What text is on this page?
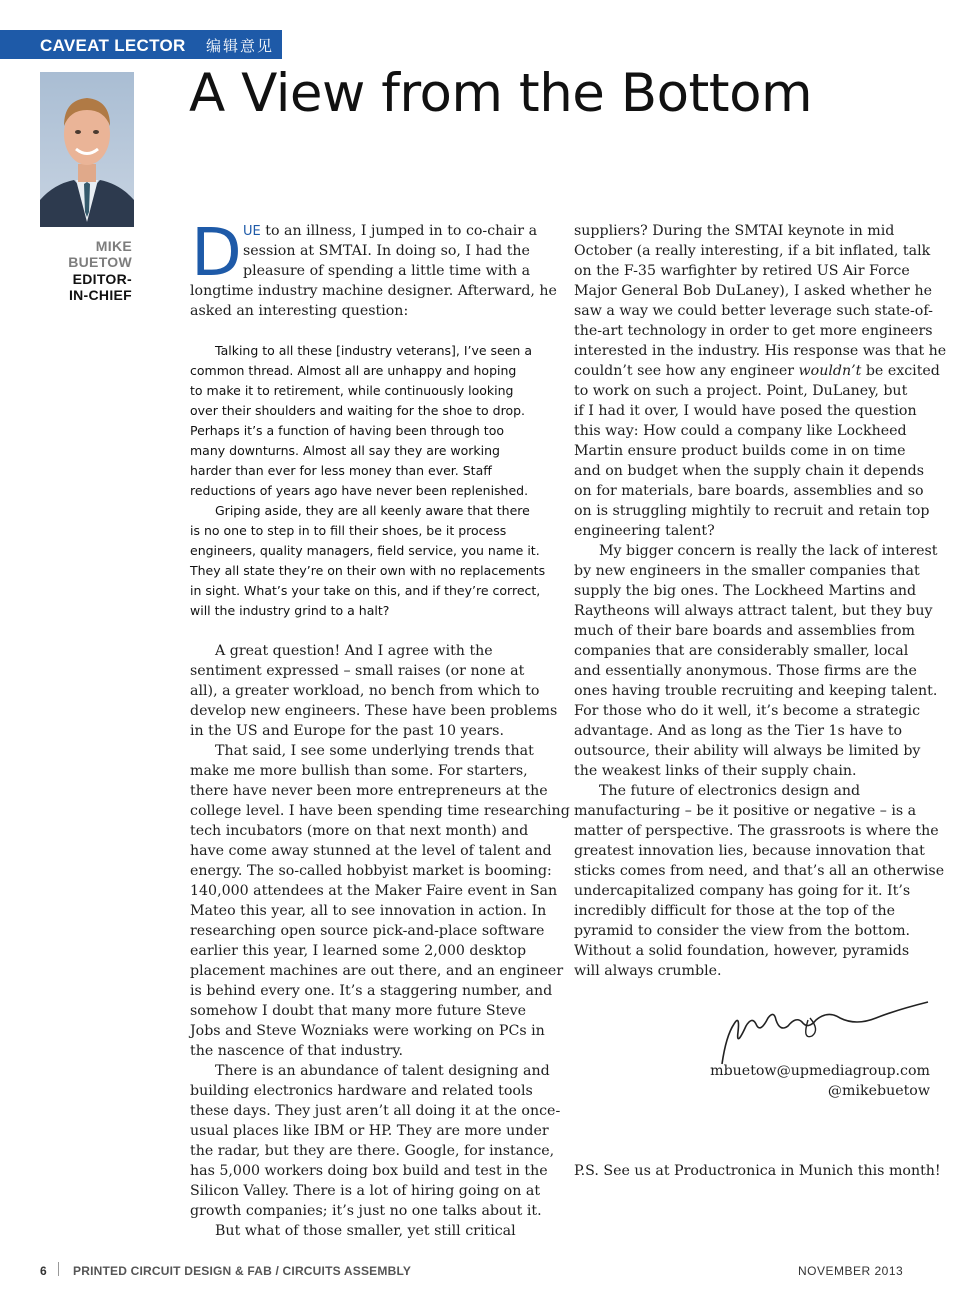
CAVEAT LECTOR 编辑意见
A View from the Bottom
MIKE
BUETOW
EDITOR-
IN-CHIEF
D UE to an illness, I jumped in to co-chair a
session at SMTAI. In doing so, I had the
pleasure of spending a little time with a
longtime industry machine designer. Afterward, he
asked an interesting question:
Talking to all these [industry veterans], I’ve seen a
common thread. Almost all are unhappy and hoping
to make it to retirement, while continuously looking
over their shoulders and waiting for the shoe to drop.
Perhaps it’s a function of having been through too
many downturns. Almost all say they are working
harder than ever for less money than ever. Staff
reductions of years ago have never been replenished.
Griping aside, they are all keenly aware that there
is no one to step in to fill their shoes, be it process
engineers, quality managers, field service, you name it.
They all state they’re on their own with no replacements
in sight. What’s your take on this, and if they’re correct,
will the industry grind to a halt?
A great question! And I agree with the
sentiment expressed – small raises (or none at
all), a greater workload, no bench from which to
develop new engineers. These have been problems
in the US and Europe for the past 10 years.
That said, I see some underlying trends that
make me more bullish than some. For starters,
there have never been more entrepreneurs at the
college level. I have been spending time researching
tech incubators (more on that next month) and
have come away stunned at the level of talent and
energy. The so-called hobbyist market is booming:
140,000 attendees at the Maker Faire event in San
Mateo this year, all to see innovation in action. In
researching open source pick-and-place software
earlier this year, I learned some 2,000 desktop
placement machines are out there, and an engineer
is behind every one. It’s a staggering number, and
somehow I doubt that many more future Steve
Jobs and Steve Wozniaks were working on PCs in
the nascence of that industry.
There is an abundance of talent designing and
building electronics hardware and related tools
these days. They just aren’t all doing it at the once-
usual places like IBM or HP. They are more under
the radar, but they are there. Google, for instance,
has 5,000 workers doing box build and test in the
Silicon Valley. There is a lot of hiring going on at
growth companies; it’s just no one talks about it.
But what of those smaller, yet still critical
suppliers? During the SMTAI keynote in mid
October (a really interesting, if a bit inflated, talk
on the F-35 warfighter by retired US Air Force
Major General Bob DuLaney), I asked whether he
saw a way we could better leverage such state-of-
the-art technology in order to get more engineers
interested in the industry. His response was that he
couldn’t see how any engineer wouldn’t be excited
to work on such a project. Point, DuLaney, but
if I had it over, I would have posed the question
this way: How could a company like Lockheed
Martin ensure product builds come in on time
and on budget when the supply chain it depends
on for materials, bare boards, assemblies and so
on is struggling mightily to recruit and retain top
engineering talent?
My bigger concern is really the lack of interest
by new engineers in the smaller companies that
supply the big ones. The Lockheed Martins and
Raytheons will always attract talent, but they buy
much of their bare boards and assemblies from
companies that are considerably smaller, local
and essentially anonymous. Those firms are the
ones having trouble recruiting and keeping talent.
For those who do it well, it’s become a strategic
advantage. And as long as the Tier 1s have to
outsource, their ability will always be limited by
the weakest links of their supply chain.
The future of electronics design and
manufacturing – be it positive or negative – is a
matter of perspective. The grassroots is where the
greatest innovation lies, because innovation that
sticks comes from need, and that’s all an otherwise
undercapitalized company has going for it. It’s
incredibly difficult for those at the top of the
pyramid to consider the view from the bottom.
Without a solid foundation, however, pyramids
will always crumble.
mbuetow@upmediagroup.com
@mikebuetow
P.S. See us at Productronica in Munich this month!
6 PRINTED CIRCUIT DESIGN & FAB / CIRCUITS ASSEMBLY	NOVEMBER 2013
